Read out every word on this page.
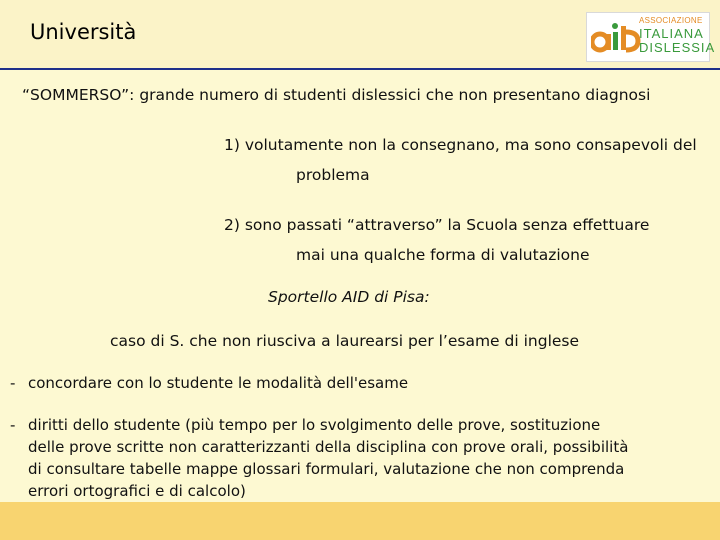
Università	ASSOCIAZIONE
ITALIANA
DISLESSIA
“SOMMERSO”: grande numero di studenti dislessici che non presentano diagnosi
1) volutamente non la consegnano, ma sono consapevoli del
problema
2) sono passati “attraverso” la Scuola senza effettuare
mai una qualche forma di valutazione
Sportello AID di Pisa:
caso di S. che non riusciva a laurearsi per l’esame di inglese
- concordare con lo studente le modalità dell'esame
- diritti dello studente (più tempo per lo svolgimento delle prove, sostituzione
delle prove scritte non caratterizzanti della disciplina con prove orali, possibilità
di consultare tabelle mappe glossari formulari, valutazione che non comprenda
errori ortografici e di calcolo)
